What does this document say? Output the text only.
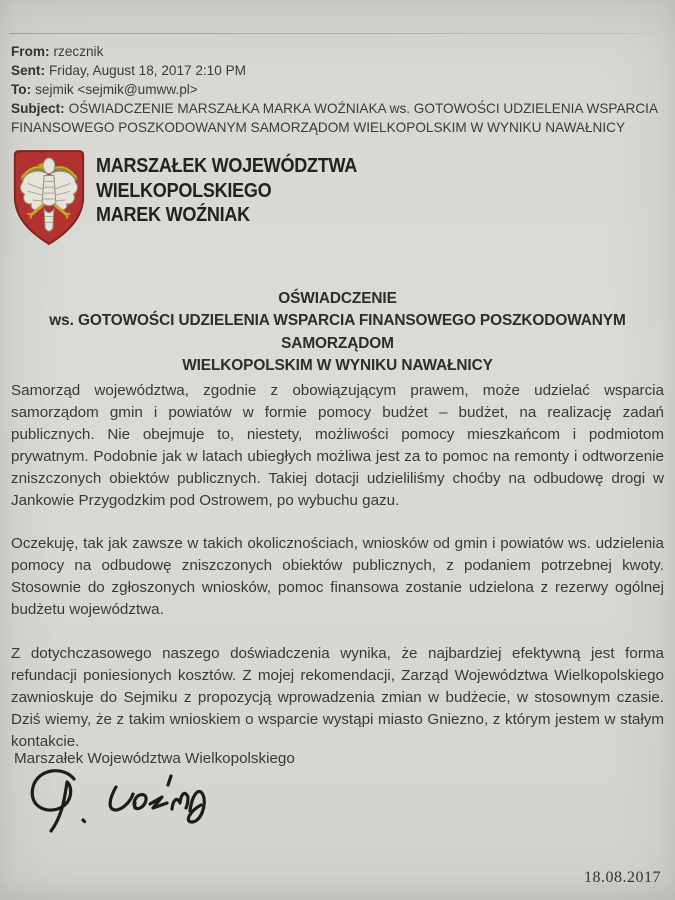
From: rzecznik
Sent: Friday, August 18, 2017 2:10 PM
To: sejmik <sejmik@umww.pl>
Subject: OŚWIADCZENIE MARSZAŁKA MARKA WOŹNIAKA ws. GOTOWOŚCI UDZIELENIA WSPARCIA FINANSOWEGO POSZKODOWANYM SAMORZĄDOM WIELKOPOLSKIM W WYNIKU NAWAŁNICY
MARSZAŁEK WOJEWÓDZTWA
WIELKOPOLSKIEGO
MAREK WOŹNIAK
OŚWIADCZENIE
ws. GOTOWOŚCI UDZIELENIA WSPARCIA FINANSOWEGO POSZKODOWANYM  SAMORZĄDOM
WIELKOPOLSKIM W WYNIKU NAWAŁNICY

Samorząd województwa, zgodnie z obowiązującym prawem, może udzielać wsparcia samorządom gmin i powiatów w formie pomocy budżet – budżet, na realizację zadań publicznych. Nie obejmuje to, niestety, możliwości pomocy mieszkańcom i podmiotom prywatnym. Podobnie jak w latach ubiegłych możliwa jest za to pomoc na remonty i odtworzenie zniszczonych obiektów publicznych. Takiej dotacji udzieliliśmy choćby na odbudowę drogi w Jankowie Przygodzkim pod Ostrowem, po wybuchu gazu.

Oczekuję, tak jak zawsze w takich okolicznościach, wniosków od gmin i powiatów ws. udzielenia pomocy na odbudowę zniszczonych obiektów publicznych, z podaniem potrzebnej kwoty. Stosownie do zgłoszonych wniosków, pomoc finansowa zostanie udzielona z rezerwy ogólnej budżetu województwa.

Z dotychczasowego naszego doświadczenia wynika, że najbardziej efektywną jest forma refundacji poniesionych kosztów. Z mojej rekomendacji, Zarząd Województwa Wielkopolskiego zawnioskuje do Sejmiku z propozycją wprowadzenia zmian w budżecie, w stosownym czasie. Dziś wiemy, że z takim wnioskiem o wsparcie wystąpi miasto Gniezno, z którym jestem w stałym kontakcie.

Marszałek Województwa Wielkopolskiego
18.08.2017
